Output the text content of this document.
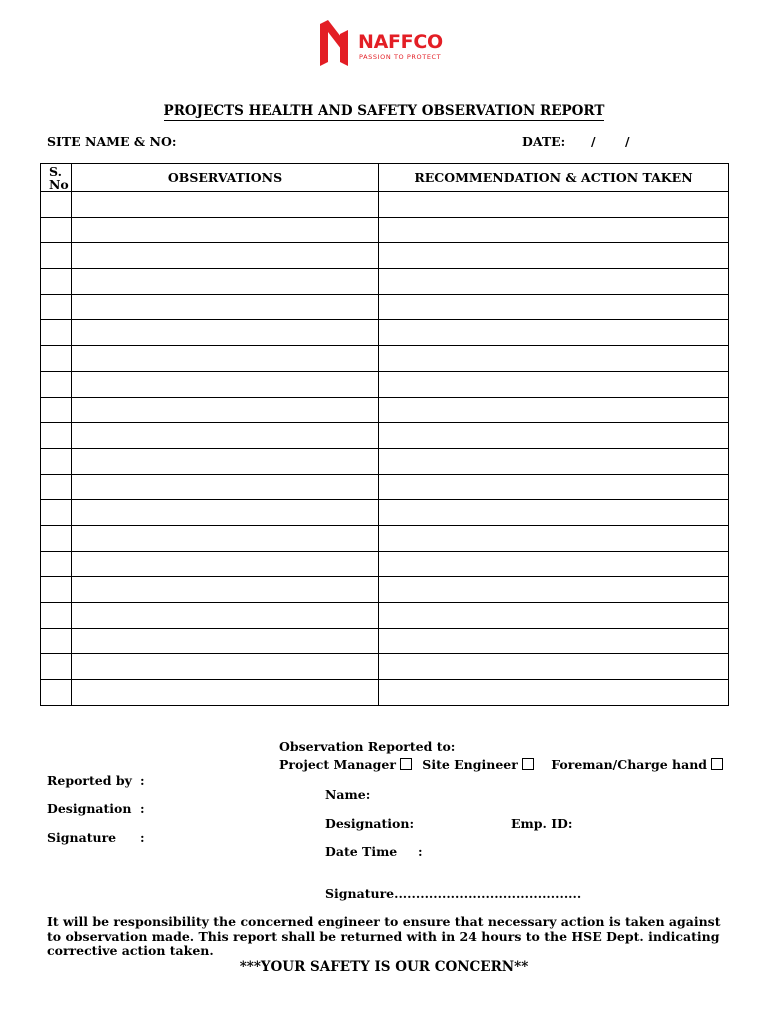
NAFFCO
PASSION TO PROTECT
PROJECTS HEALTH AND SAFETY OBSERVATION REPORT
SITE NAME & NO:	DATE: / /
S. No	OBSERVATIONS	RECOMMENDATION & ACTION TAKEN

Observation Reported to:
Project Manager Site Engineer	Foreman/Charge hand
Reported by :
Designation :
Signature :
Name:
Designation:	Emp. ID:
Date Time :
Signature...........................................
It will be responsibility the concerned engineer to ensure that necessary action is taken against to observation made. This report shall be returned with in 24 hours to the HSE Dept. indicating corrective action taken.
***YOUR SAFETY IS OUR CONCERN**
